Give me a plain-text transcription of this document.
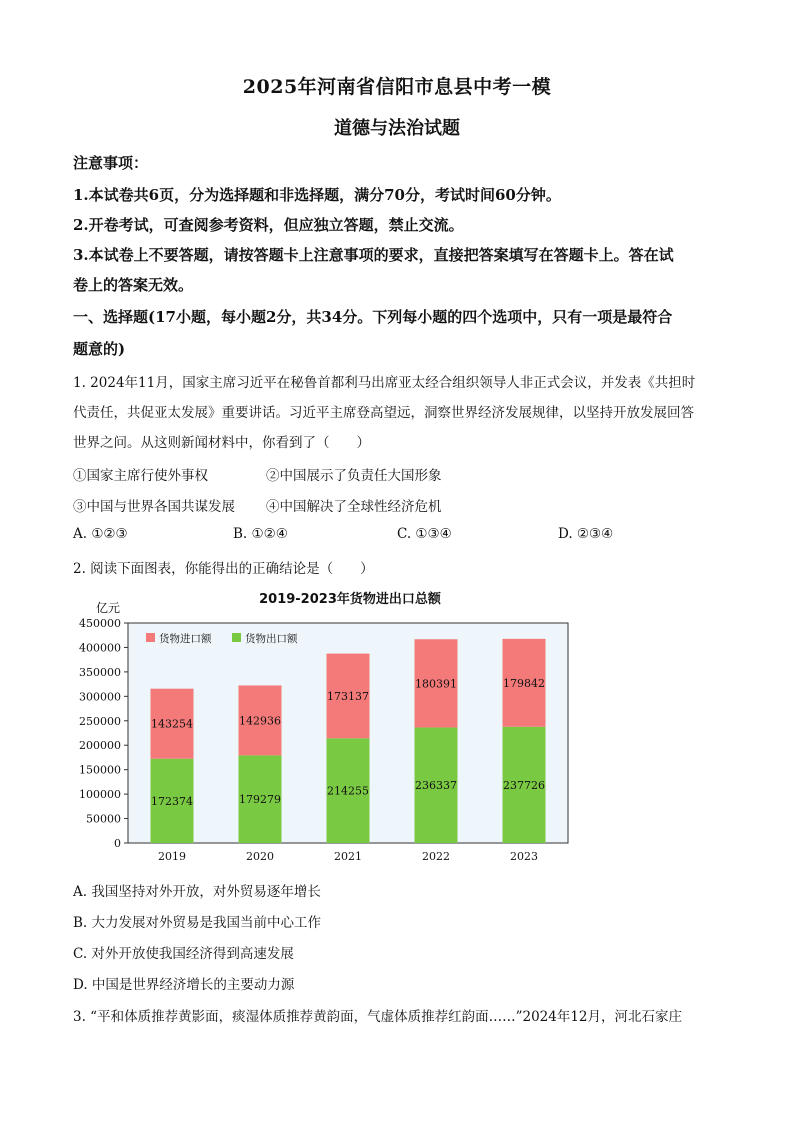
2025年河南省信阳市息县中考一模
道德与法治试题
注意事项：
1.本试卷共6页，分为选择题和非选择题，满分70分，考试时间60分钟。
2.开卷考试，可查阅参考资料，但应独立答题，禁止交流。
3.本试卷上不要答题，请按答题卡上注意事项的要求，直接把答案填写在答题卡上。答在试
卷上的答案无效。
一、选择题(17小题，每小题2分，共34分。下列每小题的四个选项中，只有一项是最符合
题意的)
1. 2024年11月，国家主席习近平在秘鲁首都利马出席亚太经合组织领导人非正式会议，并发表《共担时
代责任，共促亚太发展》重要讲话。习近平主席登高望远，洞察世界经济发展规律，以坚持开放发展回答
世界之问。从这则新闻材料中，你看到了（　　）
①国家主席行使外事权	②中国展示了负责任大国形象
③中国与世界各国共谋发展 ④中国解决了全球性经济危机
A. ①②③	B. ①②④	C. ①③④	D. ②③④
2. 阅读下面图表，你能得出的正确结论是（　　）
2019-2023年货物进出口总额
亿元
0
50000
100000
150000
200000
250000
300000
350000
400000
450000
172374
143254
2019
179279
142936
2020
214255
173137
2021
236337
180391
2022
237726
179842
2023
货物进口额	货物出口额
A. 我国坚持对外开放，对外贸易逐年增长
B. 大力发展对外贸易是我国当前中心工作
C. 对外开放使我国经济得到高速发展
D. 中国是世界经济增长的主要动力源
3. “平和体质推荐黄影面，痰湿体质推荐黄韵面，气虚体质推荐红韵面……”2024年12月，河北石家庄
